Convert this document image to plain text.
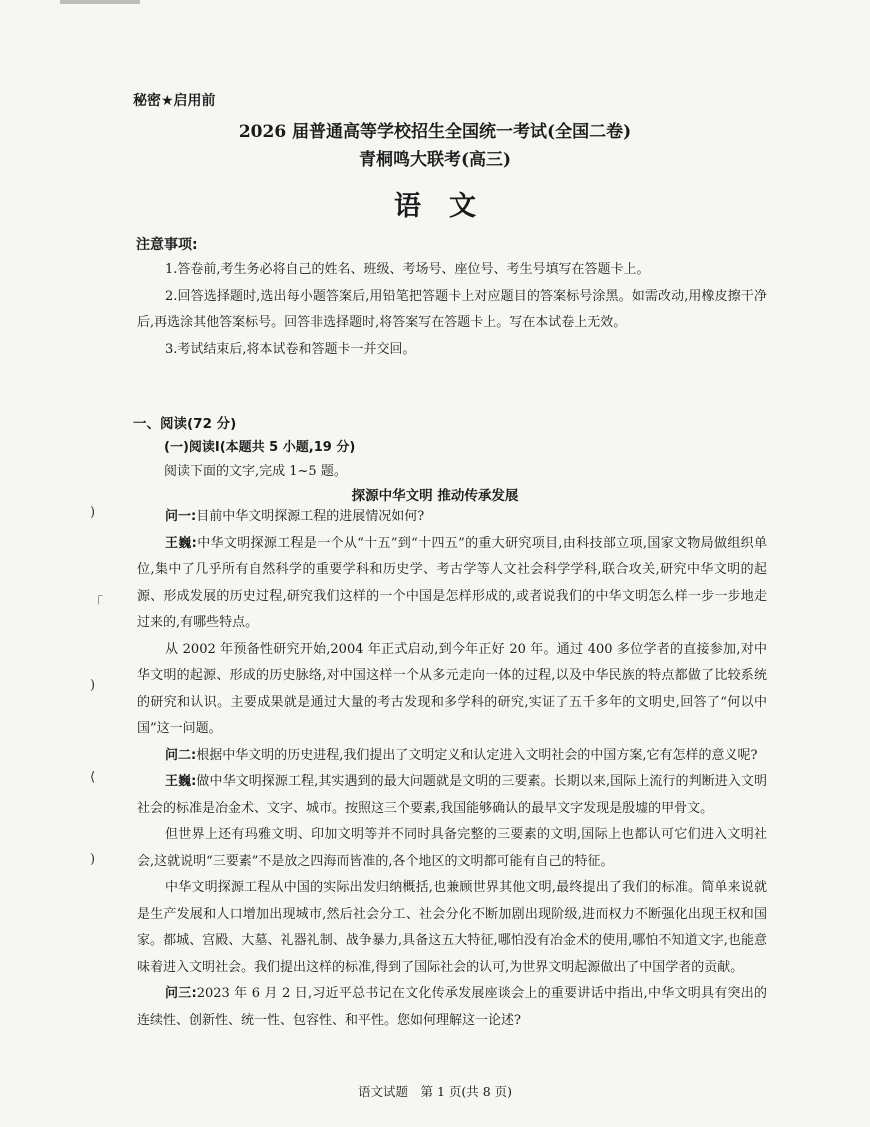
秘密★启用前
2026 届普通高等学校招生全国统一考试(全国二卷)
青桐鸣大联考(高三)
语文
注意事项:

1.答卷前,考生务必将自己的姓名、班级、考场号、座位号、考生号填写在答题卡上。

2.回答选择题时,选出每小题答案后,用铅笔把答题卡上对应题目的答案标号涂黑。如需改动,用橡皮擦干净后,再选涂其他答案标号。回答非选择题时,将答案写在答题卡上。写在本试卷上无效。

3.考试结束后,将本试卷和答题卡一并交回。

一、阅读(72 分)
(一)阅读Ⅰ(本题共 5 小题,19 分)
阅读下面的文字,完成 1~5 题。
探源中华文明 推动传承发展

问一:目前中华文明探源工程的进展情况如何?

王巍:中华文明探源工程是一个从“十五”到“十四五”的重大研究项目,由科技部立项,国家文物局做组织单位,集中了几乎所有自然科学的重要学科和历史学、考古学等人文社会科学学科,联合攻关,研究中华文明的起源、形成发展的历史过程,研究我们这样的一个中国是怎样形成的,或者说我们的中华文明怎么样一步一步地走过来的,有哪些特点。

从 2002 年预备性研究开始,2004 年正式启动,到今年正好 20 年。通过 400 多位学者的直接参加,对中华文明的起源、形成的历史脉络,对中国这样一个从多元走向一体的过程,以及中华民族的特点都做了比较系统的研究和认识。主要成果就是通过大量的考古发现和多学科的研究,实证了五千多年的文明史,回答了“何以中国”这一问题。

问二:根据中华文明的历史进程,我们提出了文明定义和认定进入文明社会的中国方案,它有怎样的意义呢?

王巍:做中华文明探源工程,其实遇到的最大问题就是文明的三要素。长期以来,国际上流行的判断进入文明社会的标准是冶金术、文字、城市。按照这三个要素,我国能够确认的最早文字发现是殷墟的甲骨文。

但世界上还有玛雅文明、印加文明等并不同时具备完整的三要素的文明,国际上也都认可它们进入文明社会,这就说明“三要素”不是放之四海而皆准的,各个地区的文明都可能有自己的特征。

中华文明探源工程从中国的实际出发归纳概括,也兼顾世界其他文明,最终提出了我们的标准。简单来说就是生产发展和人口增加出现城市,然后社会分工、社会分化不断加剧出现阶级,进而权力不断强化出现王权和国家。都城、宫殿、大墓、礼器礼制、战争暴力,具备这五大特征,哪怕没有冶金术的使用,哪怕不知道文字,也能意味着进入文明社会。我们提出这样的标准,得到了国际社会的认可,为世界文明起源做出了中国学者的贡献。

问三:2023 年 6 月 2 日,习近平总书记在文化传承发展座谈会上的重要讲话中指出,中华文明具有突出的连续性、创新性、统一性、包容性、和平性。您如何理解这一论述?

)
「
)
⟨
)
语文试题　第 1 页(共 8 页)
